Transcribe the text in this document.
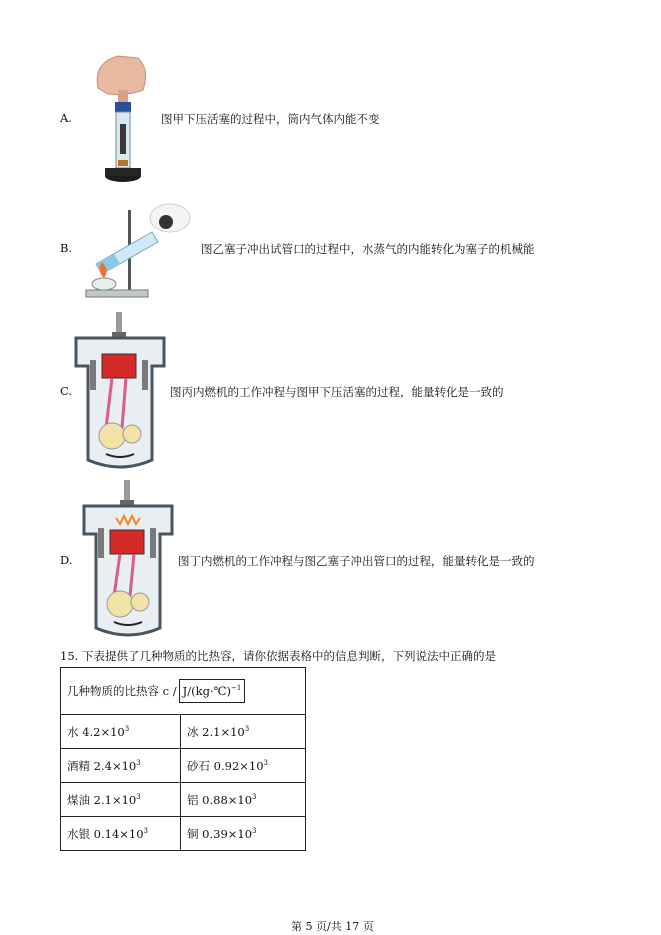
A.	图甲下压活塞的过程中，筒内气体内能不变
B.	图乙塞子冲出试管口的过程中，水蒸气的内能转化为塞子的机械能
C.	图丙内燃机的工作冲程与图甲下压活塞的过程，能量转化是一致的
D.	图丁内燃机的工作冲程与图乙塞子冲出管口的过程，能量转化是一致的
15. 下表提供了几种物质的比热容，请你依据表格中的信息判断，下列说法中正确的是
几种物质的比热容 c / J/(kg·℃)$^{-1}$
水 $4.2\times 10^3$	冰 $2.1\times 10^3$
酒精 $2.4\times 10^3$	砂石 $0.92\times 10^3$
煤油 $2.1\times 10^3$	铝 $0.88\times 10^3$
水银 $0.14\times 10^3$	铜 $0.39\times 10^3$
第 5 页/共 17 页
